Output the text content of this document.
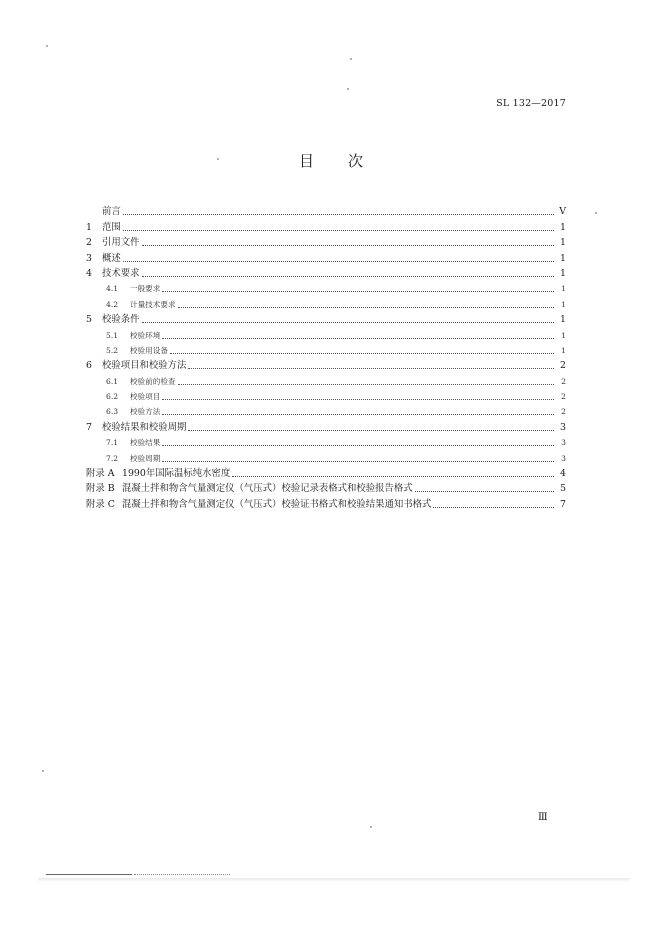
SL 132—2017
目次
前言	V
1	范围	1
2	引用文件	1
3	概述	1
4	技术要求	1
4.1	一般要求	1
4.2	计量技术要求	1
5	校验条件	1
5.1	校验环境	1
5.2	校验用设备	1
6	校验项目和校验方法	2
6.1	校验前的检查	2
6.2	校验项目	2
6.3	校验方法	2
7	校验结果和校验周期	3
7.1	校验结果	3
7.2	校验周期	3
附录 A 1990年国际温标纯水密度	4
附录 B 混凝土拌和物含气量测定仪（气压式）校验记录表格式和校验报告格式	5
附录 C 混凝土拌和物含气量测定仪（气压式）校验证书格式和校验结果通知书格式	7
Ⅲ
